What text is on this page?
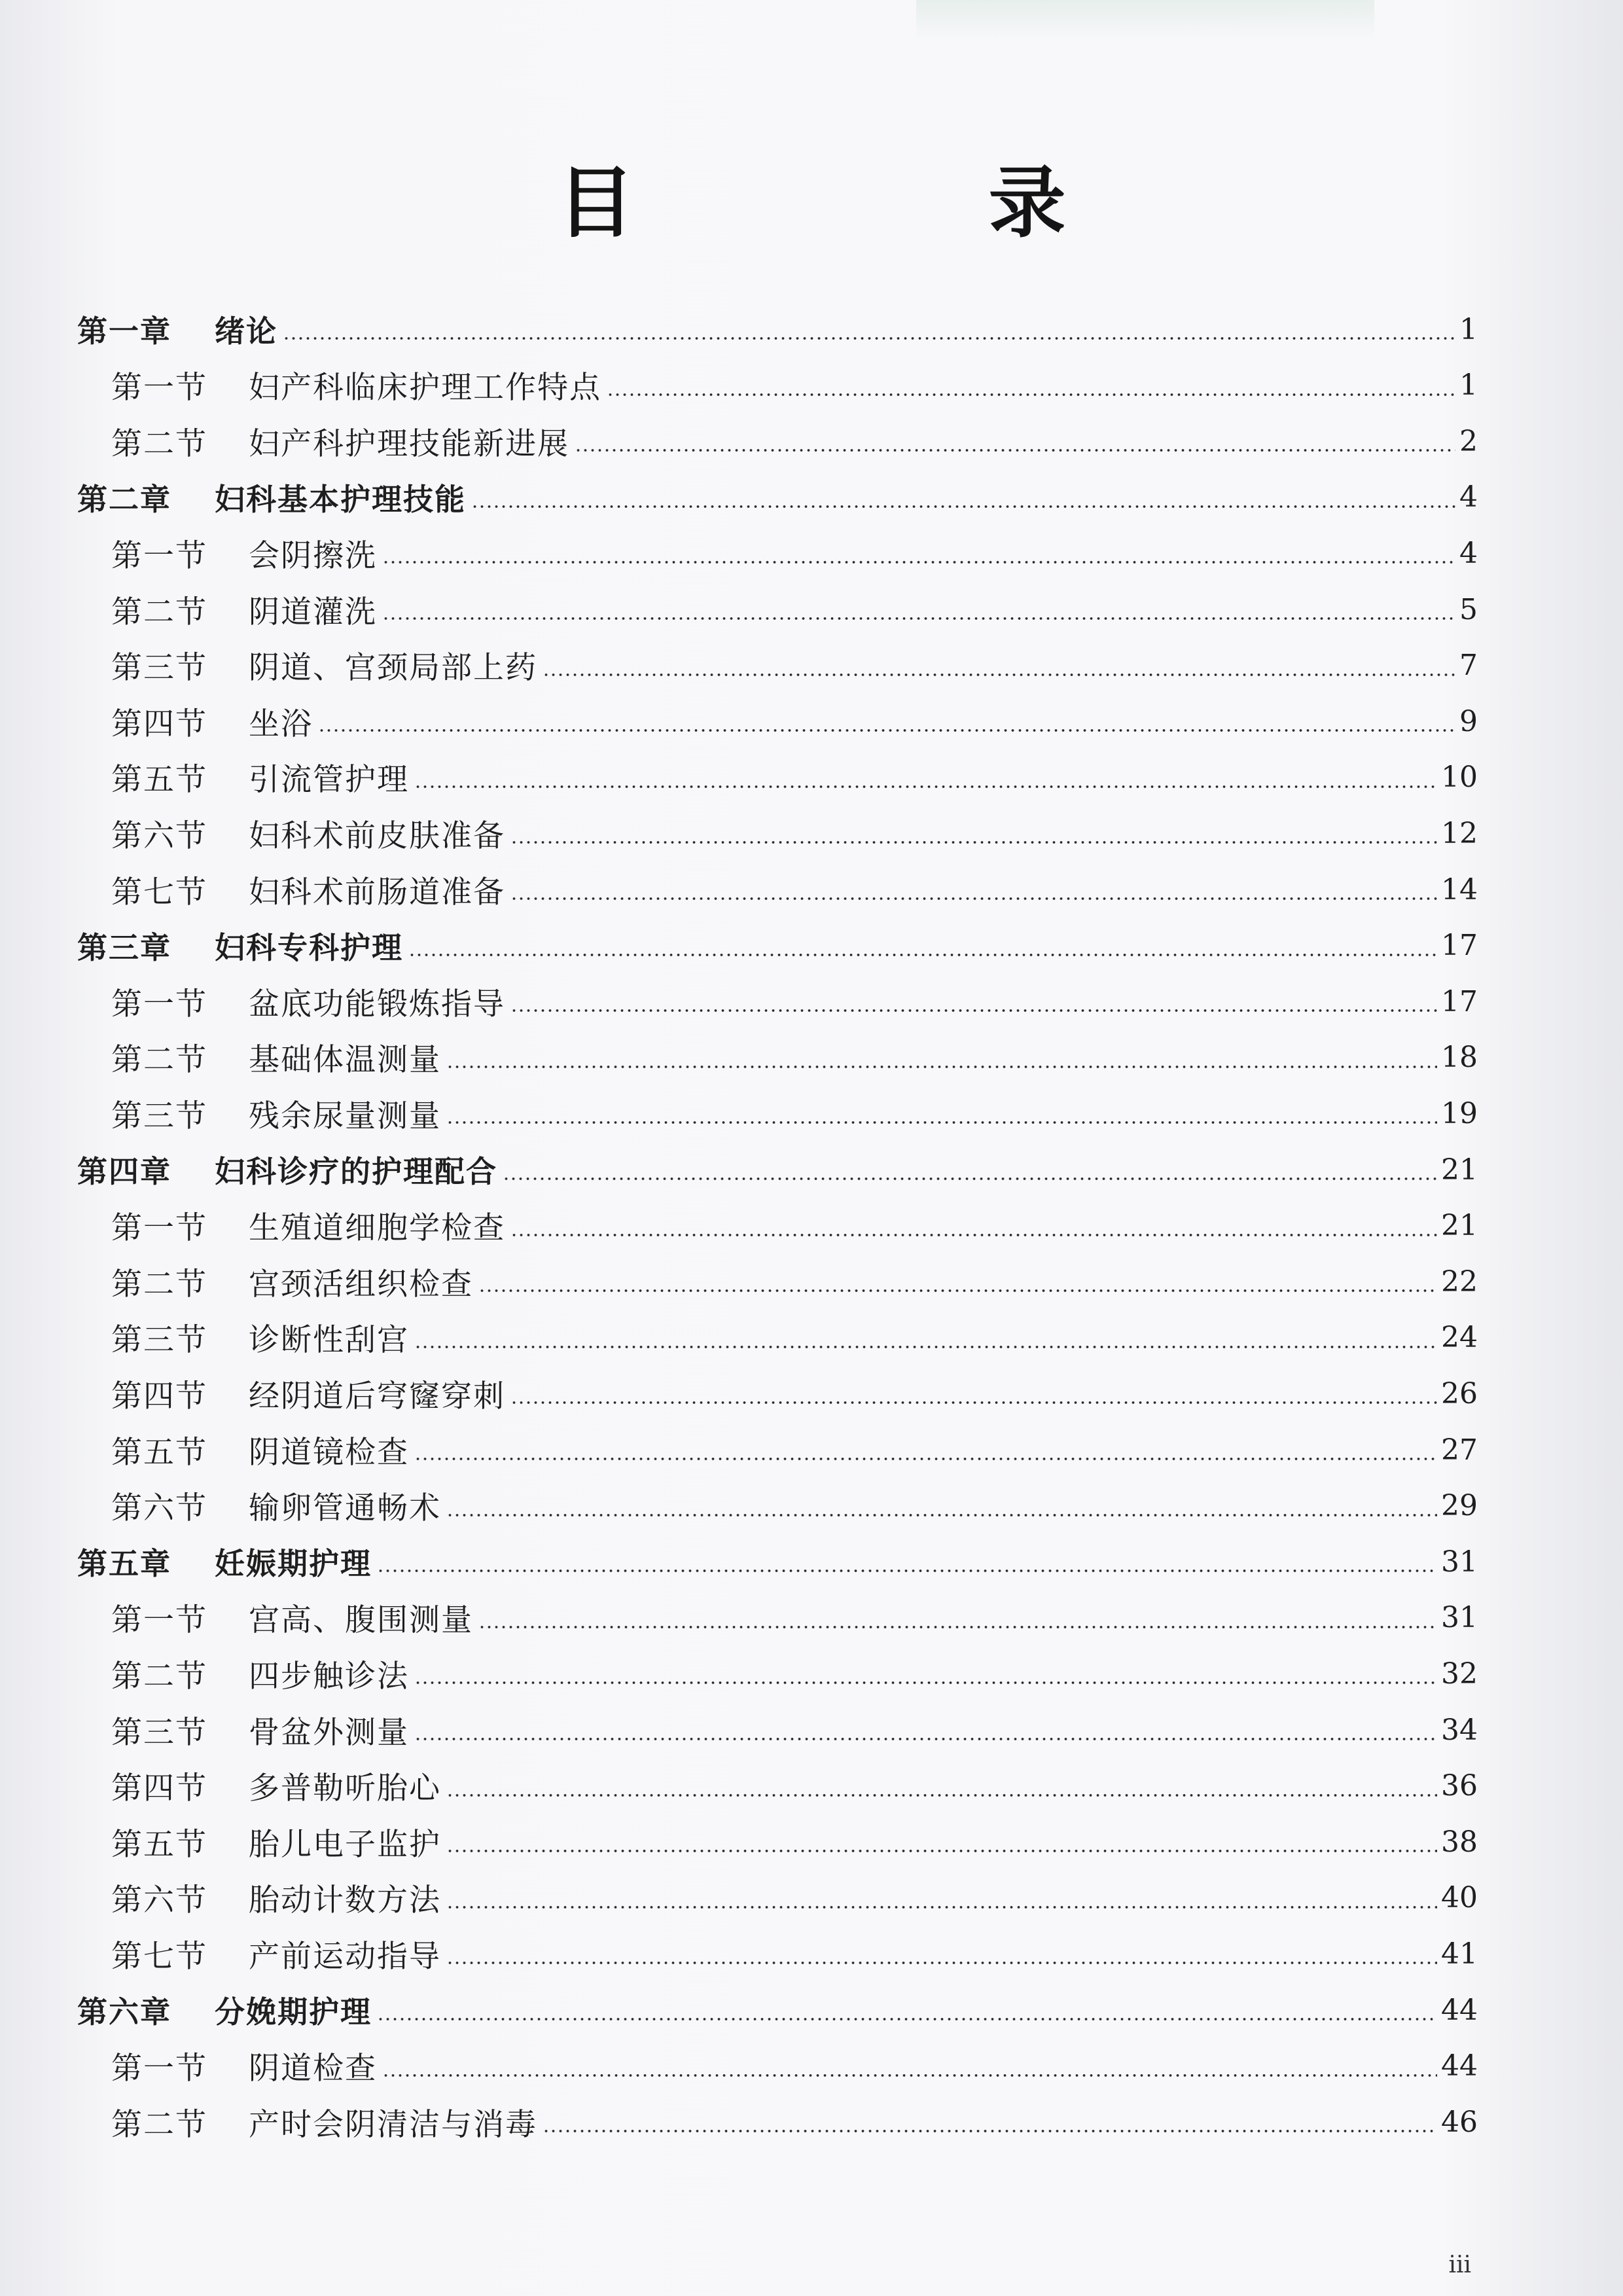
目 录
第一章	绪论	1
第一节	妇产科临床护理工作特点	1
第二节	妇产科护理技能新进展	2
第二章	妇科基本护理技能	4
第一节	会阴擦洗	4
第二节	阴道灌洗	5
第三节	阴道、宫颈局部上药	7
第四节	坐浴	9
第五节	引流管护理	10
第六节	妇科术前皮肤准备	12
第七节	妇科术前肠道准备	14
第三章	妇科专科护理	17
第一节	盆底功能锻炼指导	17
第二节	基础体温测量	18
第三节	残余尿量测量	19
第四章	妇科诊疗的护理配合	21
第一节	生殖道细胞学检查	21
第二节	宫颈活组织检查	22
第三节	诊断性刮宫	24
第四节	经阴道后穹窿穿刺	26
第五节	阴道镜检查	27
第六节	输卵管通畅术	29
第五章	妊娠期护理	31
第一节	宫高、腹围测量	31
第二节	四步触诊法	32
第三节	骨盆外测量	34
第四节	多普勒听胎心	36
第五节	胎儿电子监护	38
第六节	胎动计数方法	40
第七节	产前运动指导	41
第六章	分娩期护理	44
第一节	阴道检查	44
第二节	产时会阴清洁与消毒	46
iii
